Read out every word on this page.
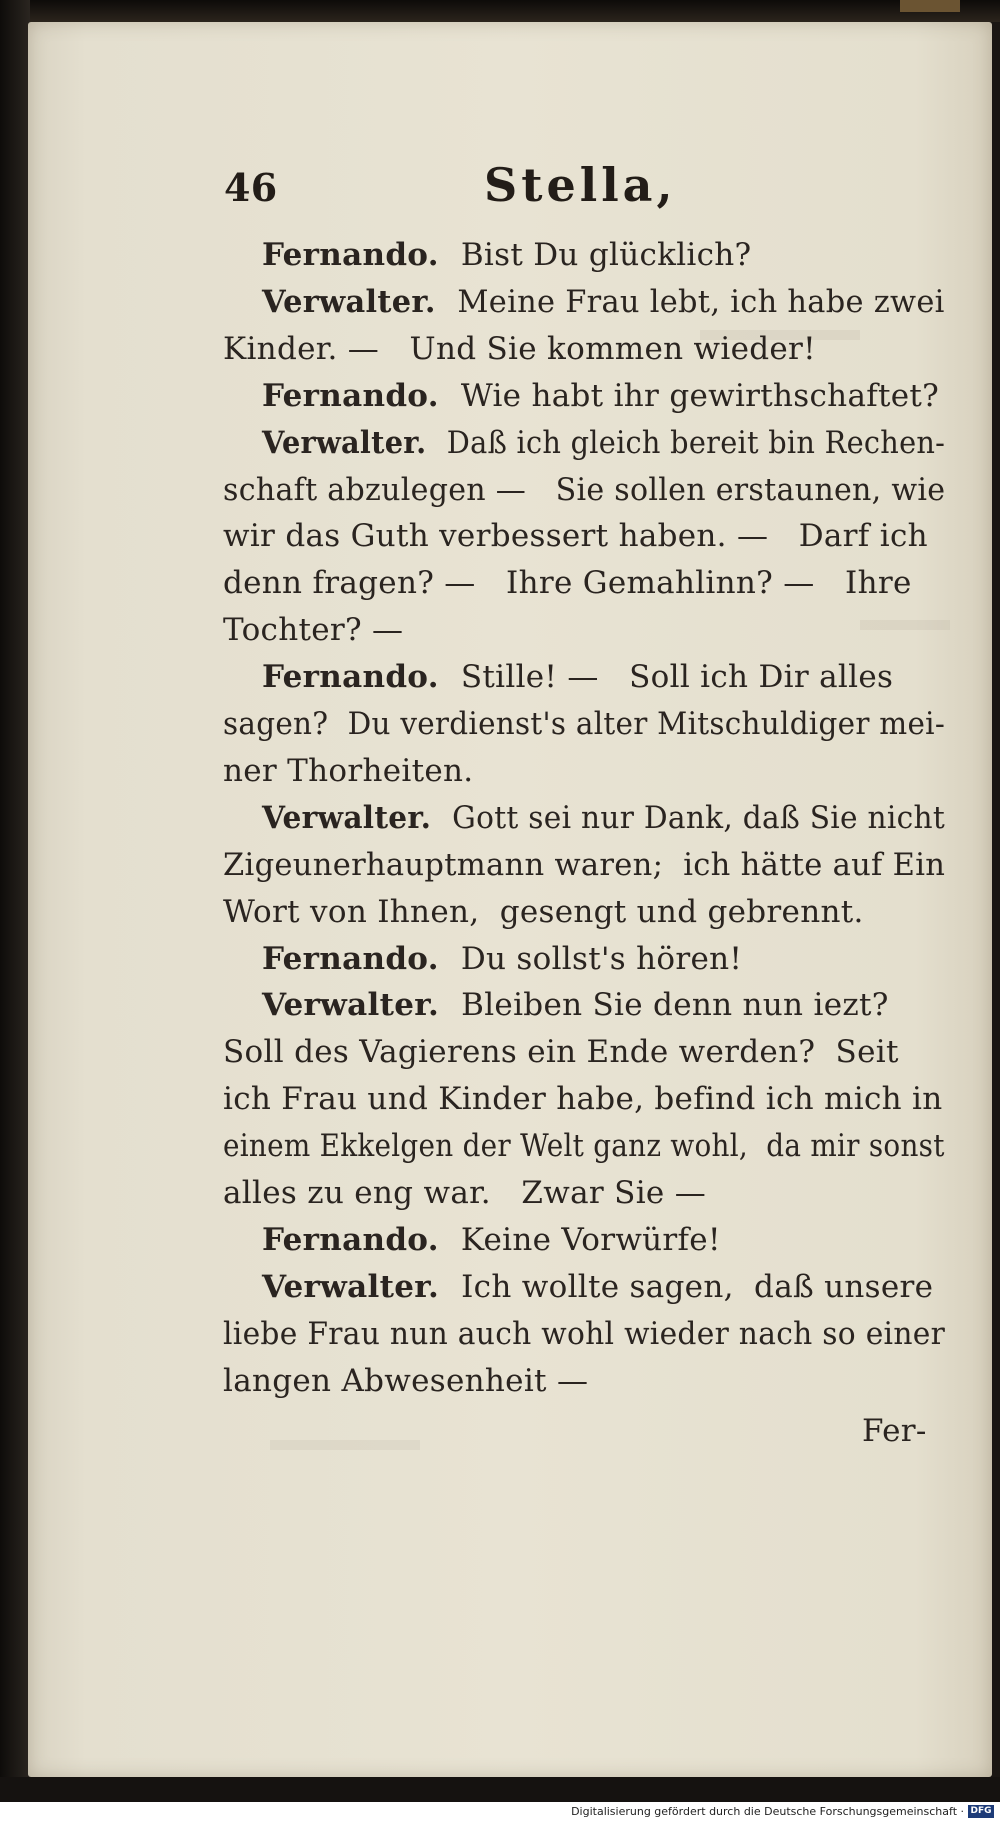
46	Stella,
Fernando. Bist Du glücklich?
Verwalter. Meine Frau lebt, ich habe zwei
Kinder. —   Und Sie kommen wieder!
Fernando. Wie habt ihr gewirthschaftet?
Verwalter. Daß ich gleich bereit bin Rechen-
schaft abzulegen —   Sie sollen erstaunen, wie
wir das Guth verbessert haben. —   Darf ich
denn fragen? —   Ihre Gemahlinn? —   Ihre
Tochter? —
Fernando. Stille! —   Soll ich Dir alles
sagen?  Du verdienst's alter Mitschuldiger mei-
ner Thorheiten.
Verwalter. Gott sei nur Dank, daß Sie nicht
Zigeunerhauptmann waren;  ich hätte auf Ein
Wort von Ihnen,  gesengt und gebrennt.
Fernando. Du sollst's hören!
Verwalter. Bleiben Sie denn nun iezt?
Soll des Vagierens ein Ende werden?  Seit
ich Frau und Kinder habe, befind ich mich in
einem Ekkelgen der Welt ganz wohl,  da mir sonst
alles zu eng war.   Zwar Sie —
Fernando. Keine Vorwürfe!
Verwalter. Ich wollte sagen,  daß unsere
liebe Frau nun auch wohl wieder nach so einer
langen Abwesenheit —
Fer-
Digitalisierung gefördert durch die Deutsche Forschungsgemeinschaft · DFG
